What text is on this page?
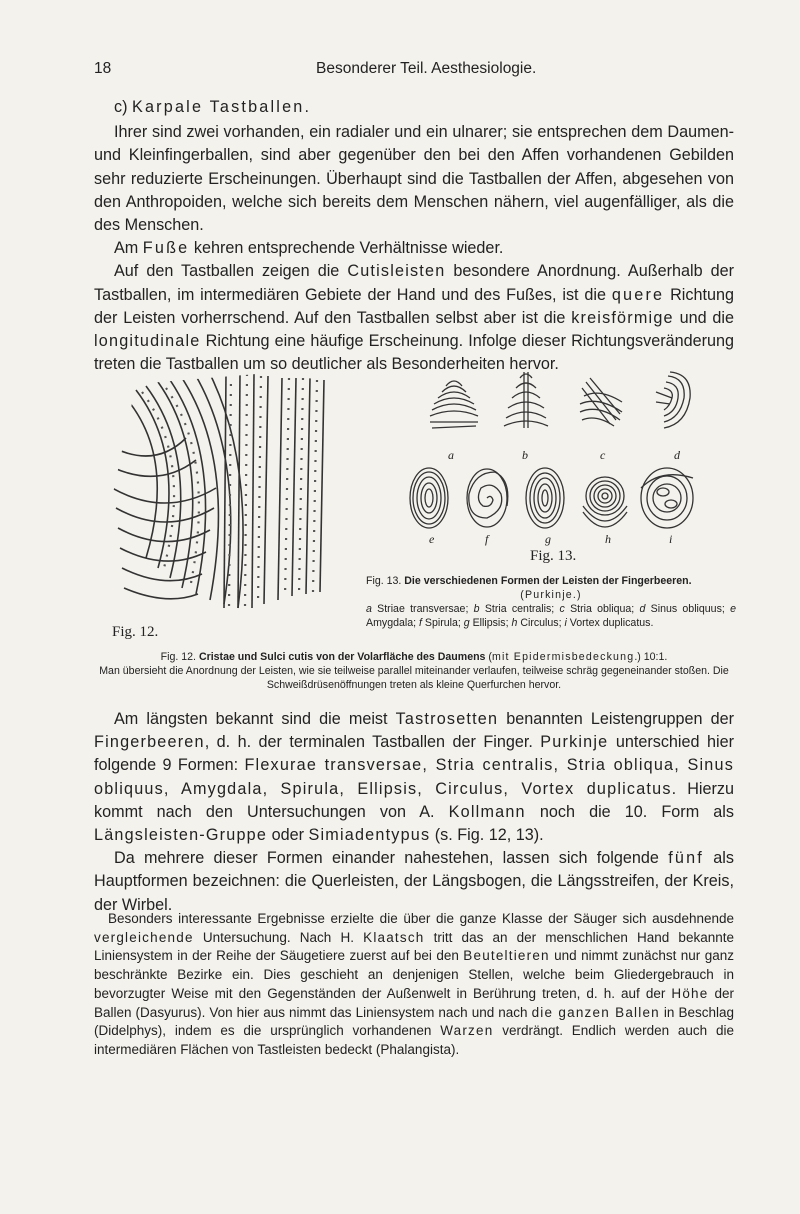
18	Besonderer Teil. Aesthesiologie.

c) Karpale Tastballen.

Ihrer sind zwei vorhanden, ein radialer und ein ulnarer; sie entsprechen dem Daumen- und Kleinfingerballen, sind aber gegenüber den bei den Affen vorhandenen Gebilden sehr reduzierte Erscheinungen. Überhaupt sind die Tastballen der Affen, abgesehen von den Anthropoiden, welche sich bereits dem Menschen nähern, viel augenfälliger, als die des Menschen.

Am Fuße kehren entsprechende Verhältnisse wieder.

Auf den Tastballen zeigen die Cutisleisten besondere Anordnung. Außerhalb der Tastballen, im intermediären Gebiete der Hand und des Fußes, ist die quere Richtung der Leisten vorherrschend. Auf den Tastballen selbst aber ist die kreisförmige und die longitudinale Richtung eine häufige Erscheinung. Infolge dieser Richtungsveränderung treten die Tastballen um so deutlicher als Besonderheiten hervor.

Fig. 12.
a	b	c	d
e	f	g	h	i
Fig. 13.
Fig. 13. Die verschiedenen Formen der Leisten der Fingerbeeren.
(Purkinje.)
a Striae transversae; b Stria centralis; c Stria obliqua; d Sinus obliquus; e Amygdala; f Spirula; g Ellipsis; h Circulus; i Vortex duplicatus.
Fig. 12. Cristae und Sulci cutis von der Volarfläche des Daumens (mit Epidermisbedeckung.) 10:1.
Man übersieht die Anordnung der Leisten, wie sie teilweise parallel miteinander verlaufen, teilweise schräg gegeneinander stoßen. Die Schweißdrüsenöffnungen treten als kleine Querfurchen hervor.

Am längsten bekannt sind die meist Tastrosetten benannten Leistengruppen der Fingerbeeren, d. h. der terminalen Tastballen der Finger. Purkinje unterschied hier folgende 9 Formen: Flexurae transversae, Stria centralis, Stria obliqua, Sinus obliquus, Amygdala, Spirula, Ellipsis, Circulus, Vortex duplicatus. Hierzu kommt nach den Untersuchungen von A. Kollmann noch die 10. Form als Längsleisten-Gruppe oder Simiadentypus (s. Fig. 12, 13).

Da mehrere dieser Formen einander nahestehen, lassen sich folgende fünf als Hauptformen bezeichnen: die Querleisten, der Längsbogen, die Längsstreifen, der Kreis, der Wirbel.

Besonders interessante Ergebnisse erzielte die über die ganze Klasse der Säuger sich ausdehnende vergleichende Untersuchung. Nach H. Klaatsch tritt das an der menschlichen Hand bekannte Liniensystem in der Reihe der Säugetiere zuerst auf bei den Beuteltieren und nimmt zunächst nur ganz beschränkte Bezirke ein. Dies geschieht an denjenigen Stellen, welche beim Gliedergebrauch in bevorzugter Weise mit den Gegenständen der Außenwelt in Berührung treten, d. h. auf der Höhe der Ballen (Dasyurus). Von hier aus nimmt das Liniensystem nach und nach die ganzen Ballen in Beschlag (Didelphys), indem es die ursprünglich vorhandenen Warzen verdrängt. Endlich werden auch die intermediären Flächen von Tastleisten bedeckt (Phalangista).
